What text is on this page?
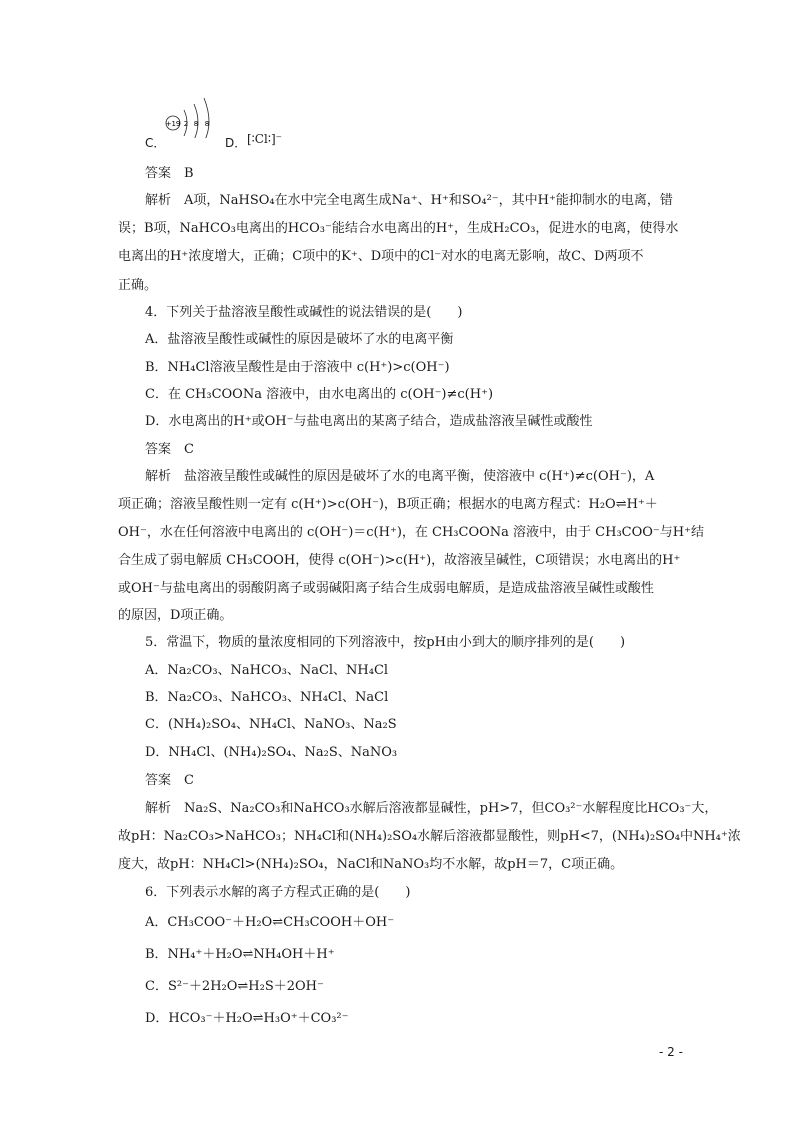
C．
+19 2 8 8
D． [∶Cl∶]⁻
答案　B
解析　A项，NaHSO₄在水中完全电离生成Na⁺、H⁺和SO₄²⁻，其中H⁺能抑制水的电离，错
误；B项，NaHCO₃电离出的HCO₃⁻能结合水电离出的H⁺，生成H₂CO₃，促进水的电离，使得水
电离出的H⁺浓度增大，正确；C项中的K⁺、D项中的Cl⁻对水的电离无影响，故C、D两项不
正确。
4．下列关于盐溶液呈酸性或碱性的说法错误的是(　　)
A．盐溶液呈酸性或碱性的原因是破坏了水的电离平衡
B．NH₄Cl溶液呈酸性是由于溶液中 c(H⁺)>c(OH⁻)
C．在 CH₃COONa 溶液中，由水电离出的 c(OH⁻)≠c(H⁺)
D．水电离出的H⁺或OH⁻与盐电离出的某离子结合，造成盐溶液呈碱性或酸性
答案　C
解析　盐溶液呈酸性或碱性的原因是破坏了水的电离平衡，使溶液中 c(H⁺)≠c(OH⁻)，A
项正确；溶液呈酸性则一定有 c(H⁺)>c(OH⁻)，B项正确；根据水的电离方程式：H₂O⇌H⁺＋
OH⁻，水在任何溶液中电离出的 c(OH⁻)＝c(H⁺)，在 CH₃COONa 溶液中，由于 CH₃COO⁻与H⁺结
合生成了弱电解质 CH₃COOH，使得 c(OH⁻)>c(H⁺)，故溶液呈碱性，C项错误；水电离出的H⁺
或OH⁻与盐电离出的弱酸阴离子或弱碱阳离子结合生成弱电解质，是造成盐溶液呈碱性或酸性
的原因，D项正确。
5．常温下，物质的量浓度相同的下列溶液中，按pH由小到大的顺序排列的是(　　)
A．Na₂CO₃、NaHCO₃、NaCl、NH₄Cl
B．Na₂CO₃、NaHCO₃、NH₄Cl、NaCl
C．(NH₄)₂SO₄、NH₄Cl、NaNO₃、Na₂S
D．NH₄Cl、(NH₄)₂SO₄、Na₂S、NaNO₃
答案　C
解析　Na₂S、Na₂CO₃和NaHCO₃水解后溶液都显碱性，pH>7，但CO₃²⁻水解程度比HCO₃⁻大，
故pH：Na₂CO₃>NaHCO₃；NH₄Cl和(NH₄)₂SO₄水解后溶液都显酸性，则pH<7，(NH₄)₂SO₄中NH₄⁺浓
度大，故pH：NH₄Cl>(NH₄)₂SO₄，NaCl和NaNO₃均不水解，故pH＝7，C项正确。
6．下列表示水解的离子方程式正确的是(　　)
A．CH₃COO⁻＋H₂O⇌CH₃COOH＋OH⁻
B．NH₄⁺＋H₂O⇌NH₄OH＋H⁺
C．S²⁻＋2H₂O⇌H₂S＋2OH⁻
D．HCO₃⁻＋H₂O⇌H₃O⁺＋CO₃²⁻
- 2 -
